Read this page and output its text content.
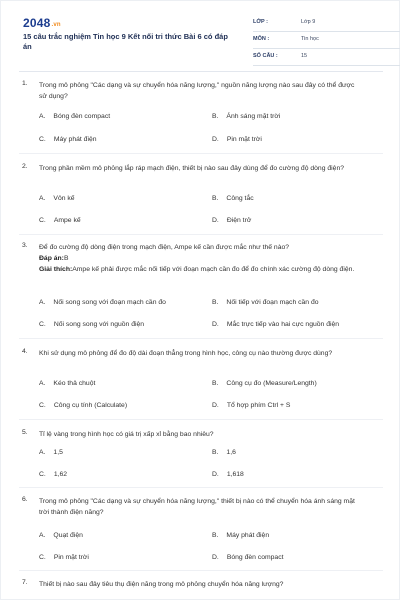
2048.vn
15 câu trắc nghiệm Tin học 9 Kết nối tri thức Bài 6 có đáp án
LỚP :	Lớp 9
MÔN :	Tin học
SỐ CÂU :	15
1. Trong mô phỏng "Các dạng và sự chuyển hóa năng lượng," nguồn năng lượng nào sau đây có thể được sử dụng?
A. Bóng đèn compact	B. Ánh sáng mặt trời
C. Máy phát điện	D. Pin mặt trời
2. Trong phần mềm mô phỏng lắp ráp mạch điện, thiết bị nào sau đây dùng để đo cường độ dòng điện?
A. Vôn kế	B. Công tắc
C. Ampe kế	D. Điện trở
3. Để đo cường độ dòng điện trong mạch điện, Ampe kế cần được mắc như thế nào?
Đáp án:B
Giải thích:Ampe kế phải được mắc nối tiếp với đoạn mạch cần đo để đo chính xác cường độ dòng điện.
A. Nối song song với đoạn mạch cần đo	B. Nối tiếp với đoạn mạch cần đo
C. Nối song song với nguồn điện	D. Mắc trực tiếp vào hai cực nguồn điện
4. Khi sử dụng mô phỏng để đo độ dài đoạn thẳng trong hình học, công cụ nào thường được dùng?
A. Kéo thả chuột	B. Công cụ đo (Measure/Length)
C. Công cụ tính (Calculate)	D. Tổ hợp phím Ctrl + S
5. Tỉ lệ vàng trong hình học có giá trị xấp xỉ bằng bao nhiêu?
A. 1,5	B. 1,6
C. 1,62	D. 1,618
6. Trong mô phỏng "Các dạng và sự chuyển hóa năng lượng," thiết bị nào có thể chuyển hóa ánh sáng mặt trời thành điện năng?
A. Quạt điện	B. Máy phát điện
C. Pin mặt trời	D. Bóng đèn compact
7. Thiết bị nào sau đây tiêu thụ điện năng trong mô phỏng chuyển hóa năng lượng?
